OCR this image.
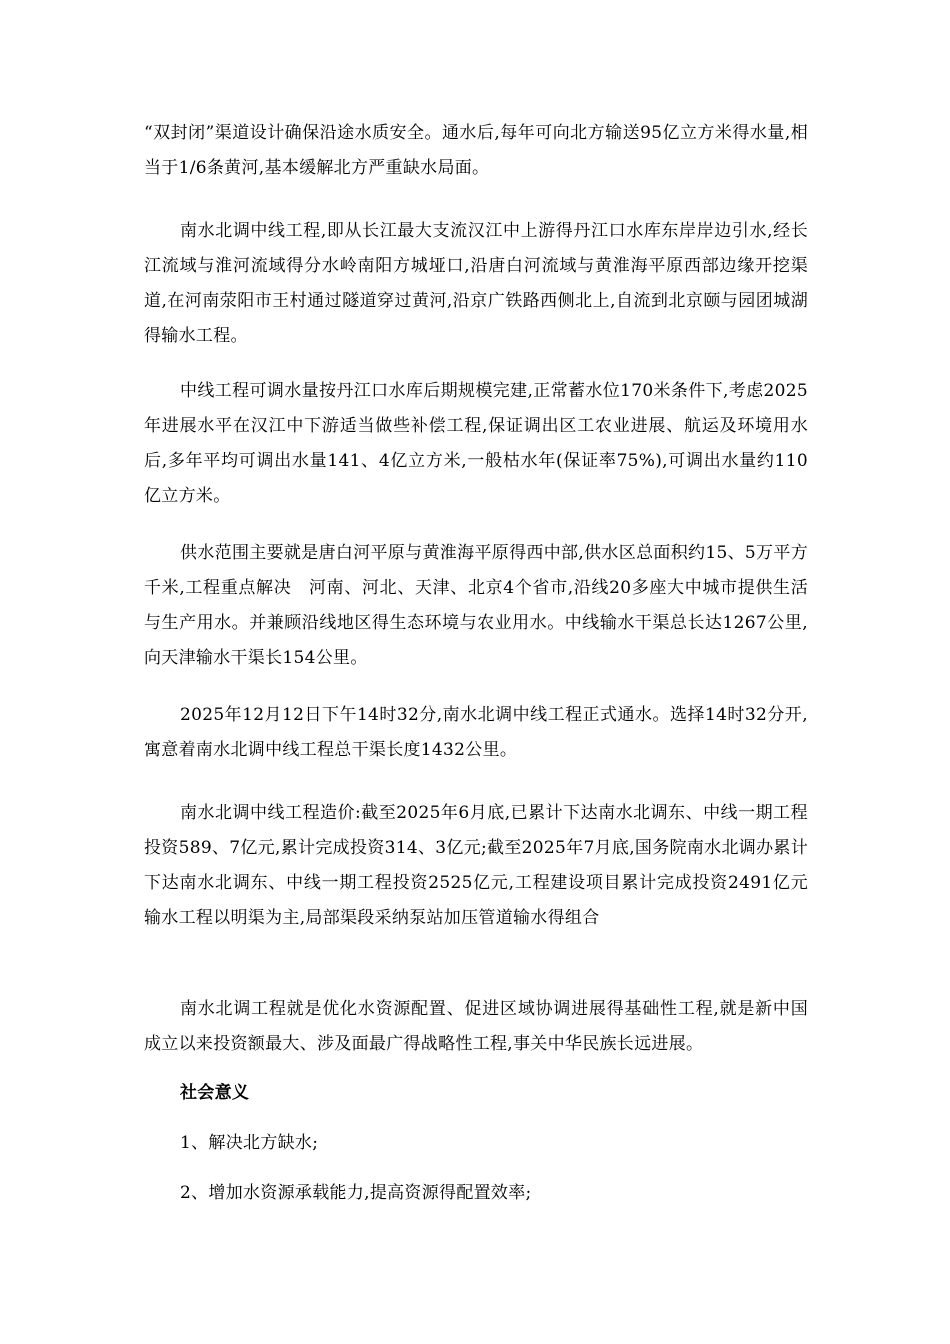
“双封闭”渠道设计确保沿途水质安全。通水后,每年可向北方输送95亿立方米得水量,相当于1/6条黄河,基本缓解北方严重缺水局面。

南水北调中线工程,即从长江最大支流汉江中上游得丹江口水库东岸岸边引水,经长江流域与淮河流域得分水岭南阳方城垭口,沿唐白河流域与黄淮海平原西部边缘开挖渠道,在河南荥阳市王村通过隧道穿过黄河,沿京广铁路西侧北上,自流到北京颐与园团城湖得输水工程。

中线工程可调水量按丹江口水库后期规模完建,正常蓄水位170米条件下,考虑2025年进展水平在汉江中下游适当做些补偿工程,保证调出区工农业进展、航运及环境用水后,多年平均可调出水量141、4亿立方米,一般枯水年(保证率75%),可调出水量约110亿立方米。

供水范围主要就是唐白河平原与黄淮海平原得西中部,供水区总面积约15、5万平方千米,工程重点解决　河南、河北、天津、北京4个省市,沿线20多座大中城市提供生活与生产用水。并兼顾沿线地区得生态环境与农业用水。中线输水干渠总长达1267公里,向天津输水干渠长154公里。

2025年12月12日下午14时32分,南水北调中线工程正式通水。选择14时32分开,寓意着南水北调中线工程总干渠长度1432公里。

南水北调中线工程造价:截至2025年6月底,已累计下达南水北调东、中线一期工程投资589、7亿元,累计完成投资314、3亿元;截至2025年7月底,国务院南水北调办累计下达南水北调东、中线一期工程投资2525亿元,工程建设项目累计完成投资2491亿元　输水工程以明渠为主,局部渠段采纳泵站加压管道输水得组合

南水北调工程就是优化水资源配置、促进区域协调进展得基础性工程,就是新中国成立以来投资额最大、涉及面最广得战略性工程,事关中华民族长远进展。

社会意义

1、解决北方缺水;

2、增加水资源承载能力,提高资源得配置效率;
